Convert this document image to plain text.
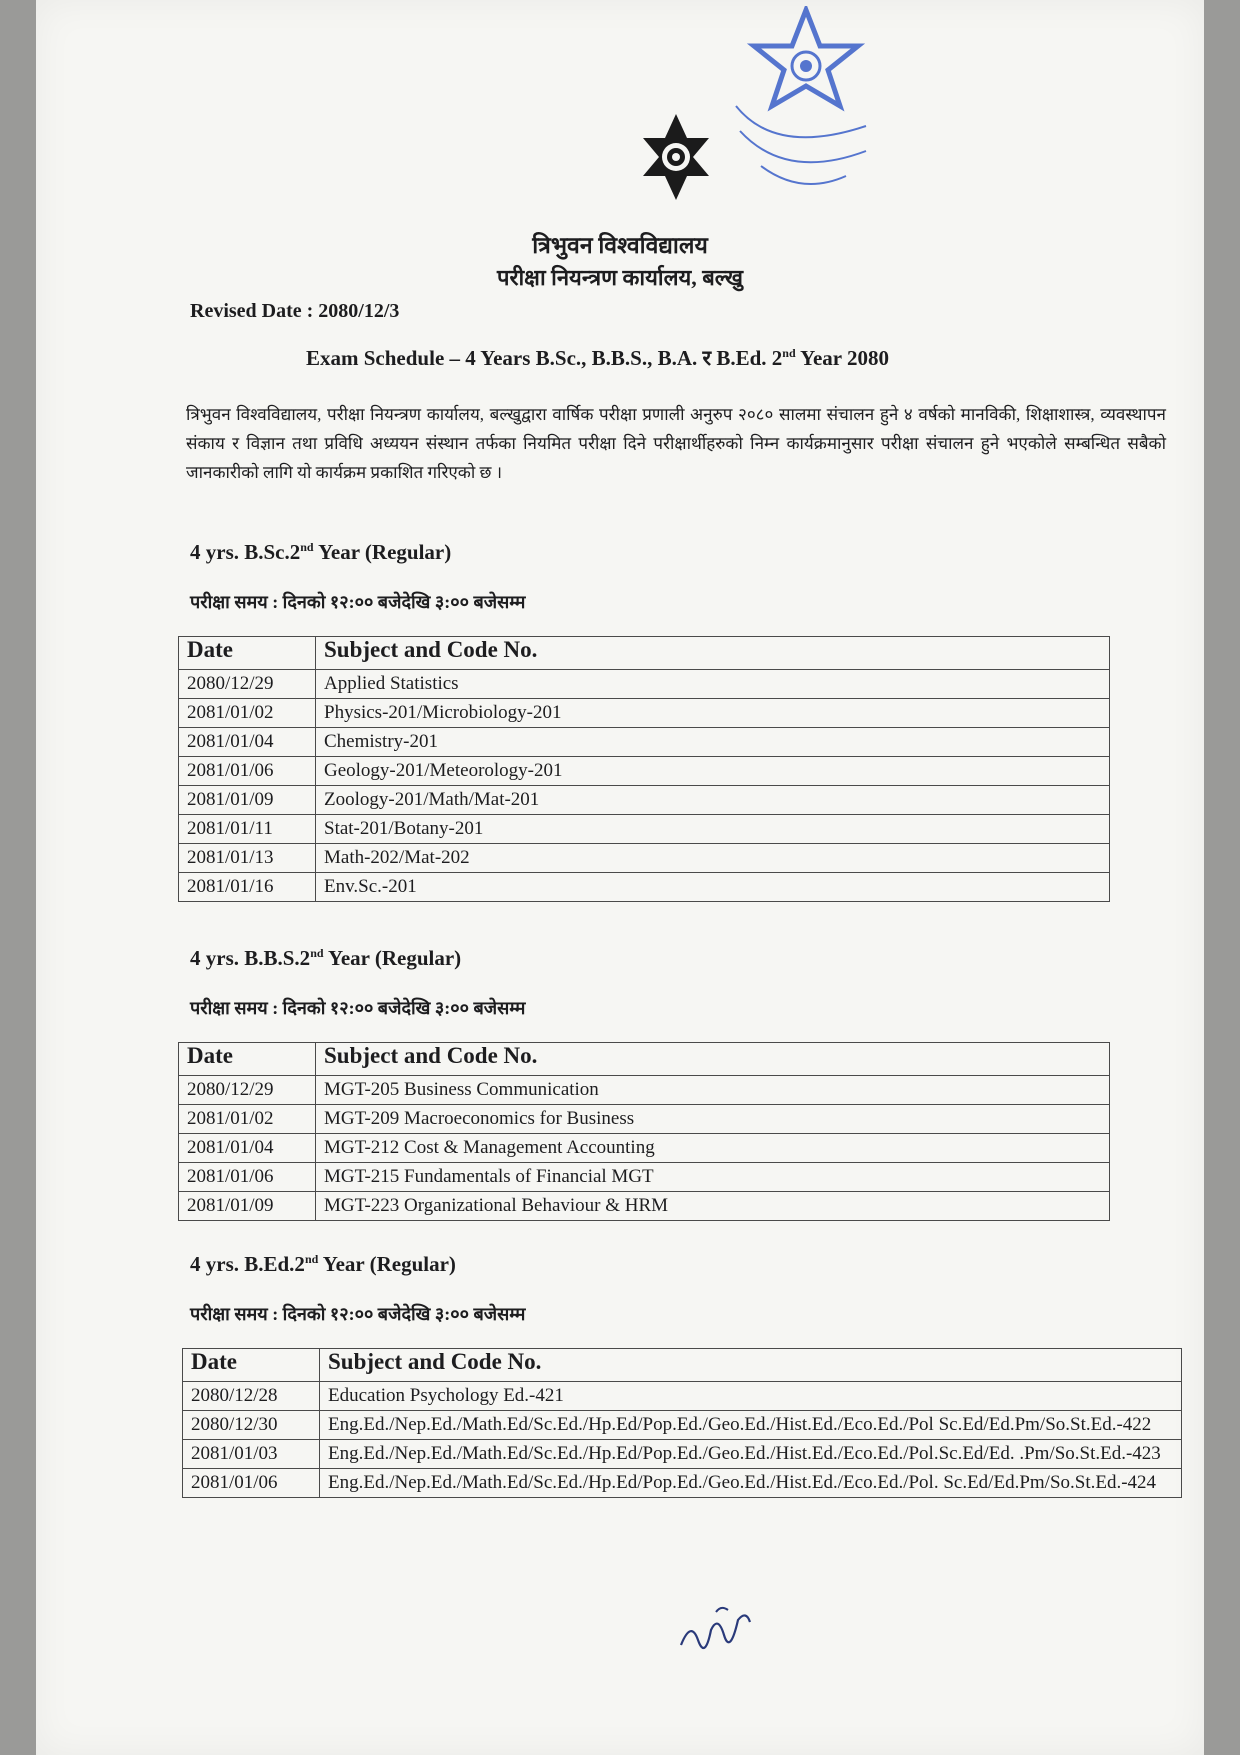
त्रिभुवन विश्वविद्यालय
परीक्षा नियन्त्रण कार्यालय, बल्खु
Revised Date : 2080/12/3
Exam Schedule – 4 Years B.Sc., B.B.S., B.A. र B.Ed. 2nd Year 2080
त्रिभुवन विश्वविद्यालय, परीक्षा नियन्त्रण कार्यालय, बल्खुद्वारा वार्षिक परीक्षा प्रणाली अनुरुप २०८० सालमा संचालन हुने ४ वर्षको मानविकी, शिक्षाशास्त्र, व्यवस्थापन संकाय र विज्ञान तथा प्रविधि अध्ययन संस्थान तर्फका नियमित परीक्षा दिने परीक्षार्थीहरुको निम्न कार्यक्रमानुसार परीक्षा संचालन हुने भएकोले सम्बन्धित सबैको जानकारीको लागि यो कार्यक्रम प्रकाशित गरिएको छ ।
4 yrs. B.Sc.2nd Year (Regular)
परीक्षा समय : दिनको १२:०० बजेदेखि ३:०० बजेसम्म
Date	Subject and Code No.
2080/12/29	Applied Statistics
2081/01/02	Physics-201/Microbiology-201
2081/01/04	Chemistry-201
2081/01/06	Geology-201/Meteorology-201
2081/01/09	Zoology-201/Math/Mat-201
2081/01/11	Stat-201/Botany-201
2081/01/13	Math-202/Mat-202
2081/01/16	Env.Sc.-201
4 yrs. B.B.S.2nd Year (Regular)
परीक्षा समय : दिनको १२:०० बजेदेखि ३:०० बजेसम्म
Date	Subject and Code No.
2080/12/29	MGT-205 Business Communication
2081/01/02	MGT-209 Macroeconomics for Business
2081/01/04	MGT-212 Cost & Management Accounting
2081/01/06	MGT-215 Fundamentals of Financial MGT
2081/01/09	MGT-223 Organizational Behaviour & HRM
4 yrs. B.Ed.2nd Year (Regular)
परीक्षा समय : दिनको १२:०० बजेदेखि ३:०० बजेसम्म
Date	Subject and Code No.
2080/12/28	Education Psychology Ed.-421
2080/12/30	Eng.Ed./Nep.Ed./Math.Ed/Sc.Ed./Hp.Ed/Pop.Ed./Geo.Ed./Hist.Ed./Eco.Ed./Pol Sc.Ed/Ed.Pm/So.St.Ed.-422
2081/01/03	Eng.Ed./Nep.Ed./Math.Ed/Sc.Ed./Hp.Ed/Pop.Ed./Geo.Ed./Hist.Ed./Eco.Ed./Pol.Sc.Ed/Ed. .Pm/So.St.Ed.-423
2081/01/06	Eng.Ed./Nep.Ed./Math.Ed/Sc.Ed./Hp.Ed/Pop.Ed./Geo.Ed./Hist.Ed./Eco.Ed./Pol. Sc.Ed/Ed.Pm/So.St.Ed.-424
